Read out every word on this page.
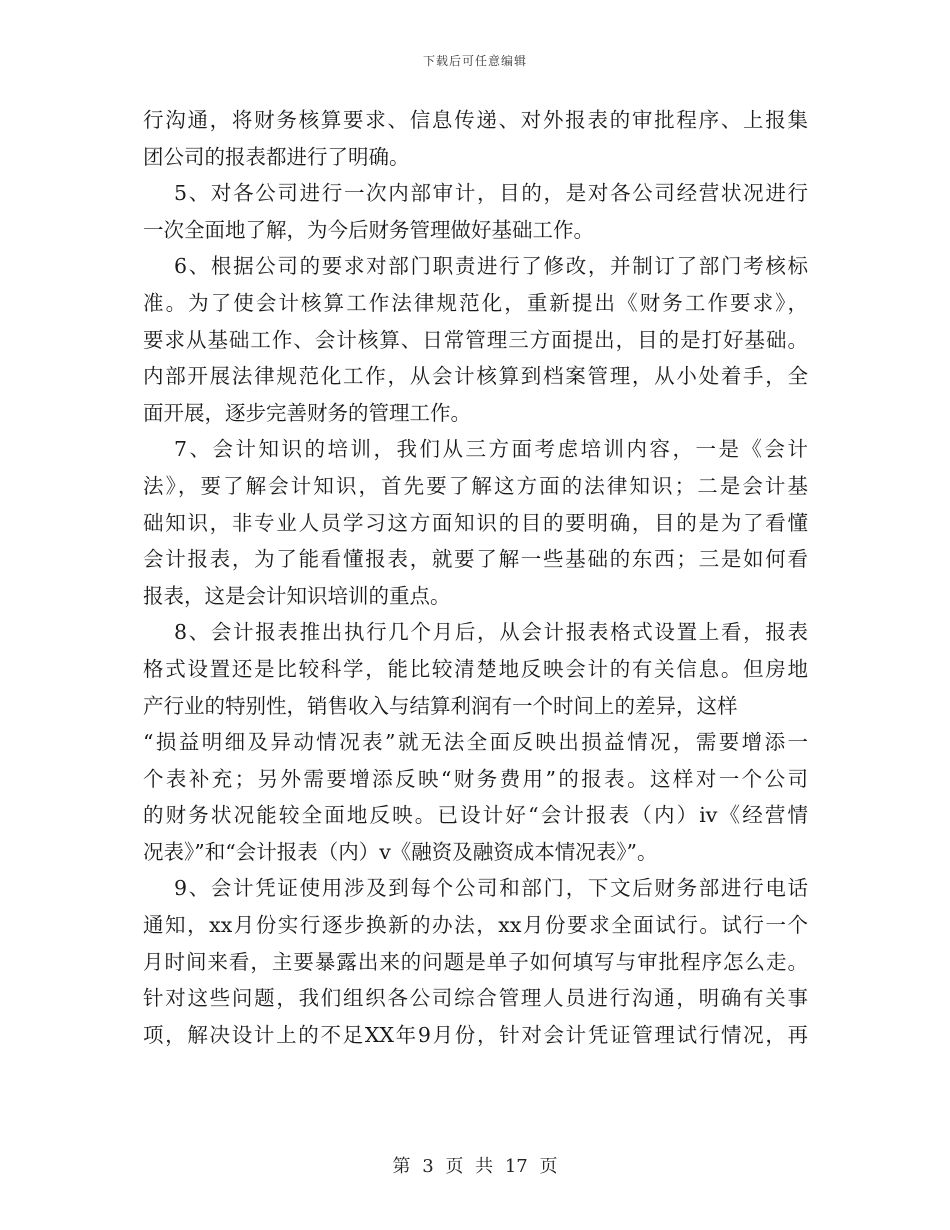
下载后可任意编辑
行沟通，将财务核算要求、信息传递、对外报表的审批程序、上报集
团公司的报表都进行了明确。
5、对各公司进行一次内部审计，目的，是对各公司经营状况进行
一次全面地了解，为今后财务管理做好基础工作。
6、根据公司的要求对部门职责进行了修改，并制订了部门考核标
准。为了使会计核算工作法律规范化，重新提出《财务工作要求》，
要求从基础工作、会计核算、日常管理三方面提出，目的是打好基础。
内部开展法律规范化工作，从会计核算到档案管理，从小处着手，全
面开展，逐步完善财务的管理工作。
7、会计知识的培训，我们从三方面考虑培训内容，一是《会计
法》，要了解会计知识，首先要了解这方面的法律知识；二是会计基
础知识，非专业人员学习这方面知识的目的要明确，目的是为了看懂
会计报表，为了能看懂报表，就要了解一些基础的东西；三是如何看
报表，这是会计知识培训的重点。
8、会计报表推出执行几个月后，从会计报表格式设置上看，报表
格式设置还是比较科学，能比较清楚地反映会计的有关信息。但房地
产行业的特别性，销售收入与结算利润有一个时间上的差异，这样
“损益明细及异动情况表”就无法全面反映出损益情况，需要增添一
个表补充；另外需要增添反映“财务费用”的报表。这样对一个公司
的财务状况能较全面地反映。已设计好“会计报表（内）iv《经营情
况表》”和“会计报表（内）v《融资及融资成本情况表》”。
9、会计凭证使用涉及到每个公司和部门，下文后财务部进行电话
通知，xx月份实行逐步换新的办法，xx月份要求全面试行。试行一个
月时间来看，主要暴露出来的问题是单子如何填写与审批程序怎么走。
针对这些问题，我们组织各公司综合管理人员进行沟通，明确有关事
项，解决设计上的不足XX年9月份，针对会计凭证管理试行情况，再
第 3 页 共 17 页
